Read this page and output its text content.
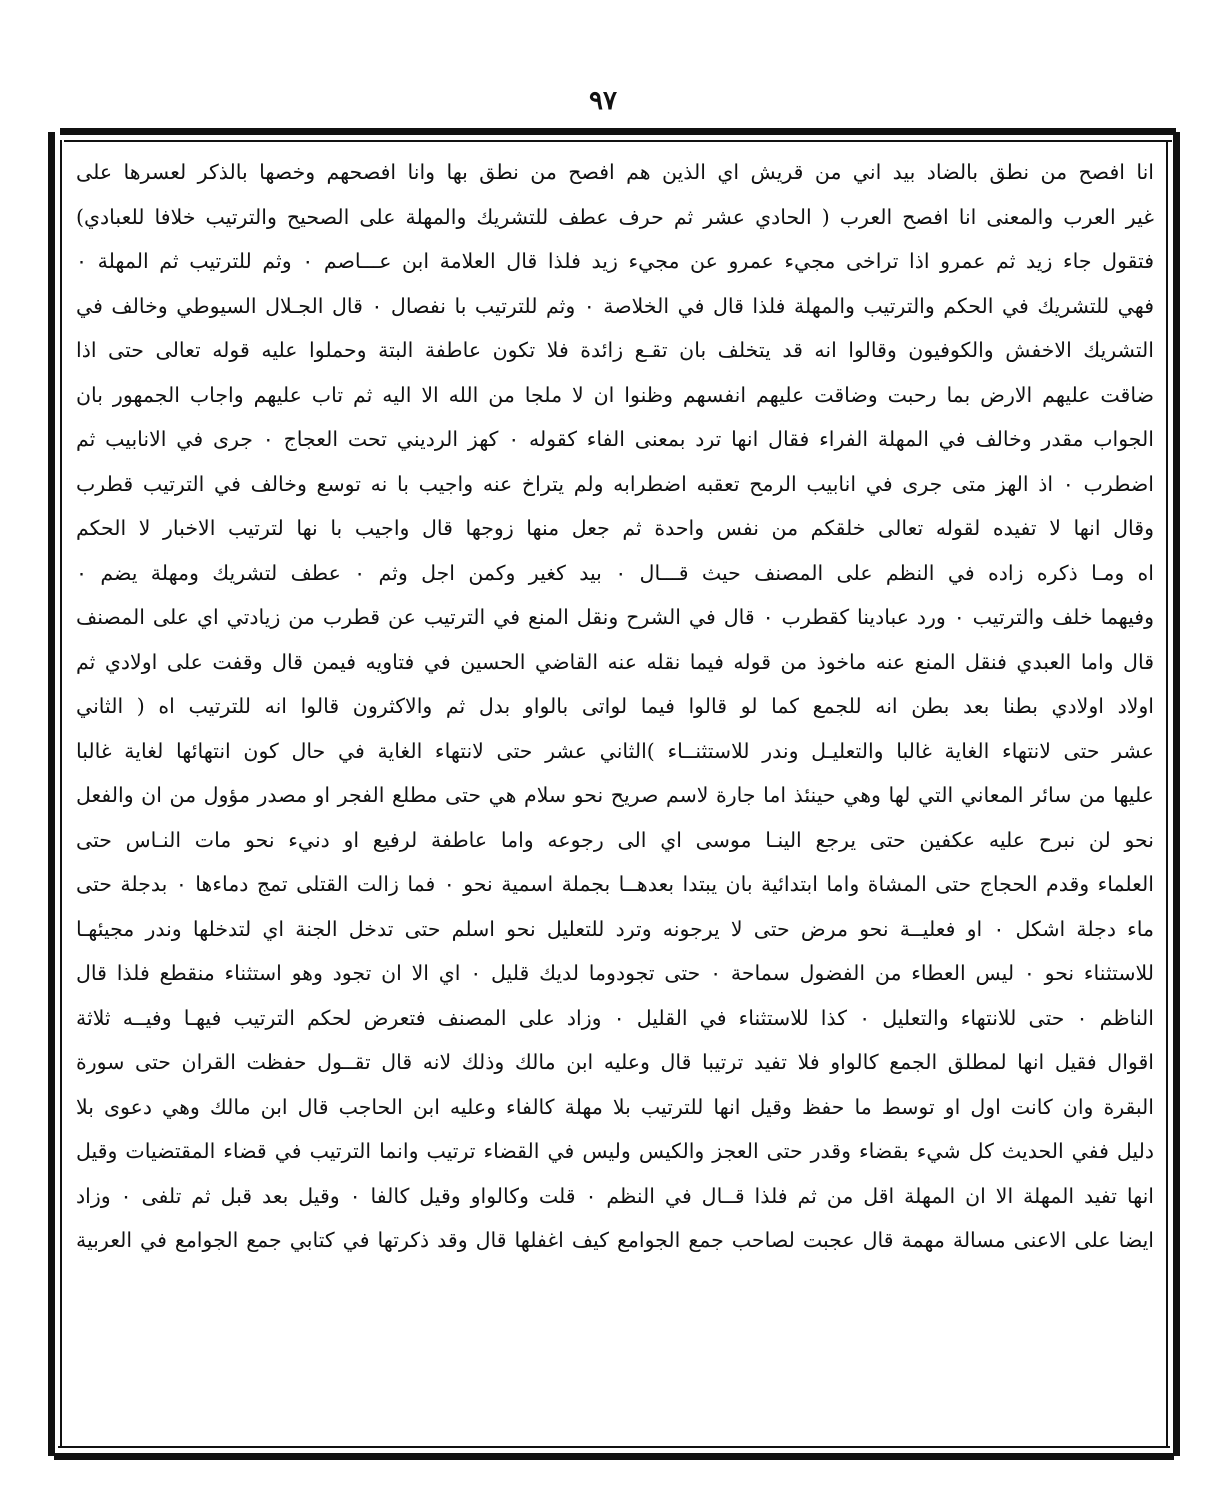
٩٧
انا افصح من نطق بالضاد بيد اني من قريش اي الذين هم افصح من نطق بها وانا افصحهم وخصها بالذكر لعسرها على
غير العرب والمعنى انا افصح العرب ( الحادي عشر ثم حرف عطف للتشريك والمهلة على الصحيح والترتيب خلافا للعبادي)
فتقول جاء زيد ثم عمرو اذا تراخى مجيء عمرو عن مجيء زيد فلذا قال العلامة ابن عـــاصم ٠ وثم للترتيب ثم المهلة ٠
فهي للتشريك في الحكم والترتيب والمهلة فلذا قال في الخلاصة ٠ وثم للترتيب با نفصال ٠ قال الجـلال السيوطي وخالف في
التشريك الاخفش والكوفيون وقالوا انه قد يتخلف بان تقـع زائدة فلا تكون عاطفة البتة وحملوا عليه قوله تعالى حتى اذا
ضاقت عليهم الارض بما رحبت وضاقت عليهم انفسهم وظنوا ان لا ملجا من الله الا اليه ثم تاب عليهم واجاب الجمهور بان
الجواب مقدر وخالف في المهلة الفراء فقال انها ترد بمعنى الفاء كقوله ٠ كهز الرديني تحت العجاج ٠ جرى في الانابيب ثم
اضطرب ٠ اذ الهز متى جرى في انابيب الرمح تعقبه اضطرابه ولم يتراخ عنه واجيب با نه توسع وخالف في الترتيب قطرب
وقال انها لا تفيده لقوله تعالى خلقكم من نفس واحدة ثم جعل منها زوجها قال واجيب با نها لترتيب الاخبار لا الحكم
اه ومـا ذكره زاده في النظم على المصنف حيث قـــال ٠ بيد كغير وكمن اجل وثم ٠ عطف لتشريك ومهلة يضم ٠
وفيهما خلف والترتيب ٠ ورد عبادينا كقطرب ٠ قال في الشرح ونقل المنع في الترتيب عن قطرب من زيادتي اي على المصنف
قال واما العبدي فنقل المنع عنه ماخوذ من قوله فيما نقله عنه القاضي الحسين في فتاويه فيمن قال وقفت على اولادي ثم
اولاد اولادي بطنا بعد بطن انه للجمع كما لو قالوا فيما لواتى بالواو بدل ثم والاكثرون قالوا انه للترتيب اه ( الثاني
عشر حتى لانتهاء الغاية غالبا والتعليـل وندر للاستثنــاء )الثاني عشر حتى لانتهاء الغاية في حال كون انتهائها لغاية غالبا
عليها من سائر المعاني التي لها وهي حينئذ اما جارة لاسم صريح نحو سلام هي حتى مطلع الفجر او مصدر مؤول من ان والفعل
نحو لن نبرح عليه عكفين حتى يرجع الينـا موسى اي الى رجوعه واما عاطفة لرفيع او دنيء نحو مات النـاس حتى
العلماء وقدم الحجاج حتى المشاة واما ابتدائية بان يبتدا بعدهــا بجملة اسمية نحو ٠ فما زالت القتلى تمج دماءها ٠ بدجلة حتى
ماء دجلة اشكل ٠ او فعليــة نحو مرض حتى لا يرجونه وترد للتعليل نحو اسلم حتى تدخل الجنة اي لتدخلها وندر مجيئهـا
للاستثناء نحو ٠ ليس العطاء من الفضول سماحة ٠ حتى تجودوما لديك قليل ٠ اي الا ان تجود وهو استثناء منقطع فلذا قال
الناظم ٠ حتى للانتهاء والتعليل ٠ كذا للاستثناء في القليل ٠ وزاد على المصنف فتعرض لحكم الترتيب فيهـا وفيــه ثلاثة
اقوال فقيل انها لمطلق الجمع كالواو فلا تفيد ترتيبا قال وعليه ابن مالك وذلك لانه قال تقــول حفظت القران حتى سورة
البقرة وان كانت اول او توسط ما حفظ وقيل انها للترتيب بلا مهلة كالفاء وعليه ابن الحاجب قال ابن مالك وهي دعوى بلا
دليل ففي الحديث كل شيء بقضاء وقدر حتى العجز والكيس وليس في القضاء ترتيب وانما الترتيب في قضاء المقتضيات وقيل
انها تفيد المهلة الا ان المهلة اقل من ثم فلذا قــال في النظم ٠ قلت وكالواو وقيل كالفا ٠ وقيل بعد قبل ثم تلفى ٠ وزاد
ايضا على الاعنى مسالة مهمة قال عجبت لصاحب جمع الجوامع كيف اغفلها قال وقد ذكرتها في كتابي جمع الجوامع في العربية
